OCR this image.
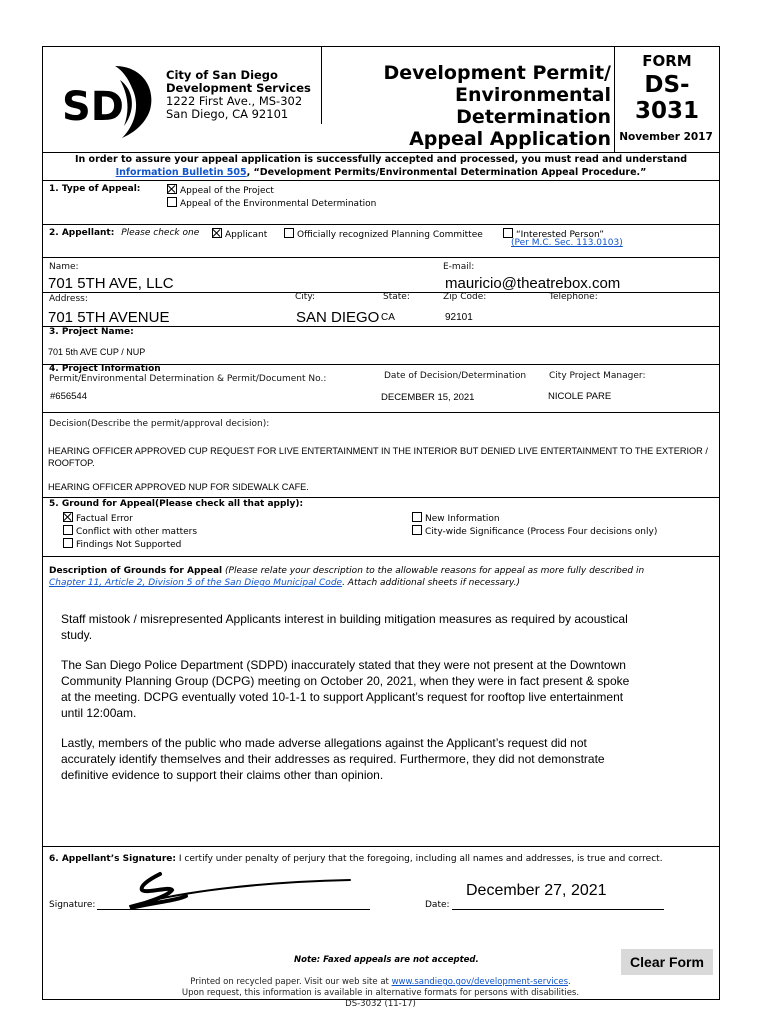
SD
City of San Diego
Development Services
1222 First Ave., MS-302
San Diego, CA 92101
Development Permit/
Environmental Determination
Appeal Application
FORM
DS-3031
November 2017
In order to assure your appeal application is successfully accepted and processed, you must read and understand
Information Bulletin 505, “Development Permits/Environmental Determination Appeal Procedure.”
1. Type of Appeal:	Appeal of the Project
Appeal of the Environmental Determination
2. Appellant: Please check one	Applicant	Officially recognized Planning Committee	“Interested Person”
(Per M.C. Sec. 113.0103)
Name:	E-mail:
701 5TH AVE, LLC	mauricio@theatrebox.com
Address:	City:	State:	Zip Code:	Telephone:
701 5TH AVENUE	SAN DIEGO CA	92101
3. Project Name:
701 5th AVE CUP / NUP
4. Project Information
Permit/Environmental Determination & Permit/Document No.:	Date of Decision/Determination	City Project Manager:
#656544	DECEMBER 15, 2021	NICOLE PARE
Decision(Describe the permit/approval decision):
HEARING OFFICER APPROVED CUP REQUEST FOR LIVE ENTERTAINMENT IN THE INTERIOR BUT DENIED LIVE ENTERTAINMENT TO THE EXTERIOR / ROOFTOP.
HEARING OFFICER APPROVED NUP FOR SIDEWALK CAFE.
5. Ground for Appeal(Please check all that apply):
Factual Error
Conflict with other matters
Findings Not Supported
New Information
City-wide Significance (Process Four decisions only)
Description of Grounds for Appeal (Please relate your description to the allowable reasons for appeal as more fully described in
Chapter 11, Article 2, Division 5 of the San Diego Municipal Code. Attach additional sheets if necessary.)

Staff mistook / misrepresented Applicants interest in building mitigation measures as required by acoustical study.

The San Diego Police Department (SDPD) inaccurately stated that they were not present at the Downtown Community Planning Group (DCPG) meeting on October 20, 2021, when they were in fact present & spoke at the meeting. DCPG eventually voted 10-1-1 to support Applicant’s request for rooftop live entertainment until 12:00am.

Lastly, members of the public who made adverse allegations against the Applicant’s request did not accurately identify themselves and their addresses as required. Furthermore, they did not demonstrate definitive evidence to support their claims other than opinion.

6. Appellant’s Signature: I certify under penalty of perjury that the foregoing, including all names and addresses, is true and correct.
Signature:	Date:
December 27, 2021
Note: Faxed appeals are not accepted.	Clear Form
Printed on recycled paper. Visit our web site at www.sandiego.gov/development-services.
Upon request, this information is available in alternative formats for persons with disabilities.
DS-3032 (11-17)
